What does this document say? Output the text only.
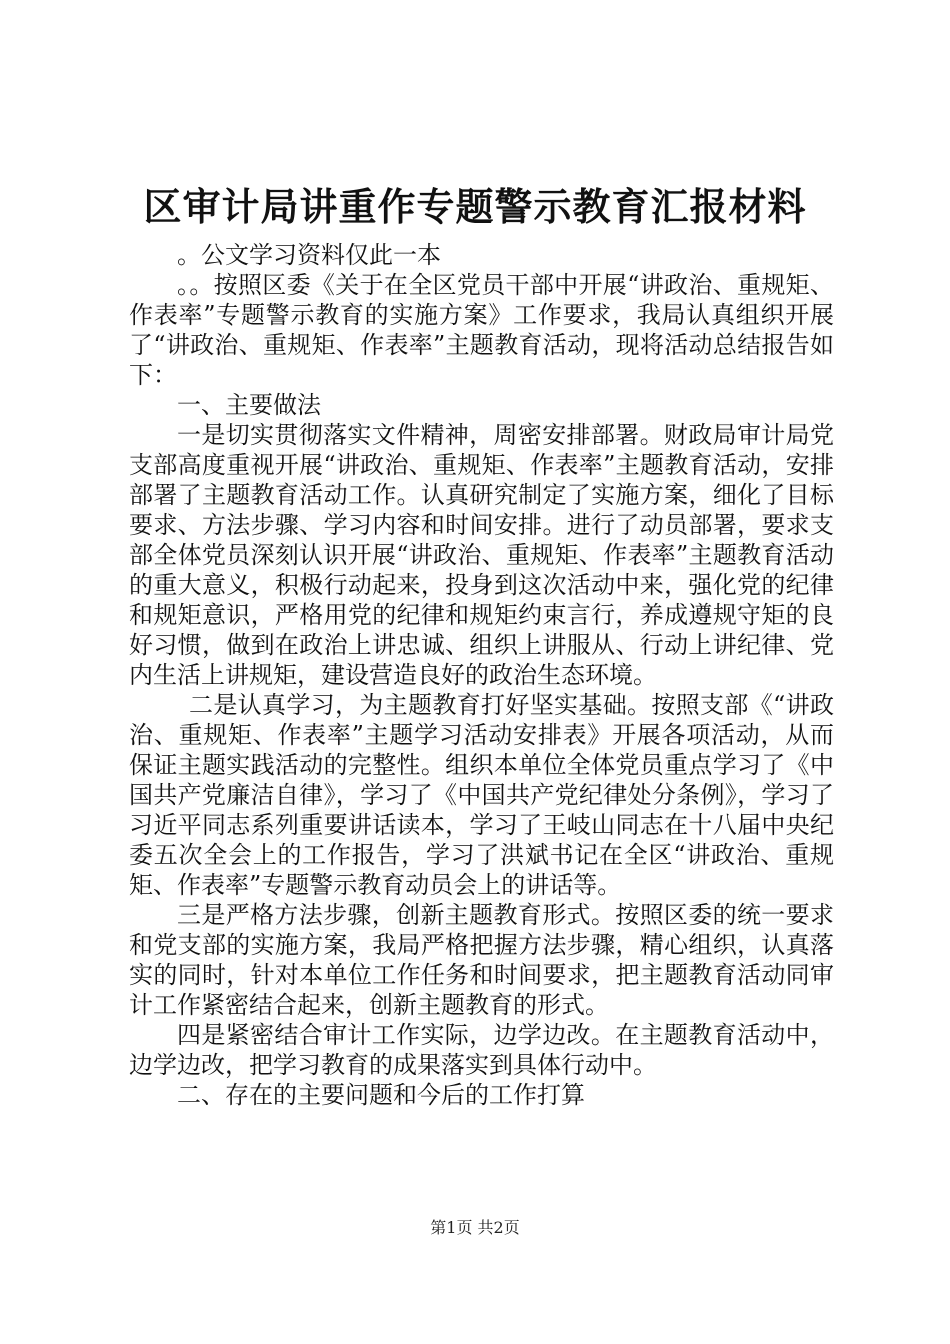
区审计局讲重作专题警示教育汇报材料

。公文学习资料仅此一本

。。按照区委《关于在全区党员干部中开展“讲政治、重规矩、作表率”专题警示教育的实施方案》工作要求，我局认真组织开展了“讲政治、重规矩、作表率”主题教育活动，现将活动总结报告如下：

一、主要做法

一是切实贯彻落实文件精神，周密安排部署。财政局审计局党支部高度重视开展“讲政治、重规矩、作表率”主题教育活动，安排部署了主题教育活动工作。认真研究制定了实施方案，细化了目标要求、方法步骤、学习内容和时间安排。进行了动员部署，要求支部全体党员深刻认识开展“讲政治、重规矩、作表率”主题教育活动的重大意义，积极行动起来，投身到这次活动中来，强化党的纪律和规矩意识，严格用党的纪律和规矩约束言行，养成遵规守矩的良好习惯，做到在政治上讲忠诚、组织上讲服从、行动上讲纪律、党内生活上讲规矩，建设营造良好的政治生态环境。

二是认真学习，为主题教育打好坚实基础。按照支部《“讲政治、重规矩、作表率”主题学习活动安排表》开展各项活动，从而保证主题实践活动的完整性。组织本单位全体党员重点学习了《中国共产党廉洁自律》，学习了《中国共产党纪律处分条例》，学习了习近平同志系列重要讲话读本，学习了王岐山同志在十八届中央纪委五次全会上的工作报告，学习了洪斌书记在全区“讲政治、重规矩、作表率”专题警示教育动员会上的讲话等。

三是严格方法步骤，创新主题教育形式。按照区委的统一要求和党支部的实施方案，我局严格把握方法步骤，精心组织，认真落实的同时，针对本单位工作任务和时间要求，把主题教育活动同审计工作紧密结合起来，创新主题教育的形式。

四是紧密结合审计工作实际，边学边改。在主题教育活动中，边学边改，把学习教育的成果落实到具体行动中。

二、存在的主要问题和今后的工作打算

第1页 共2页
